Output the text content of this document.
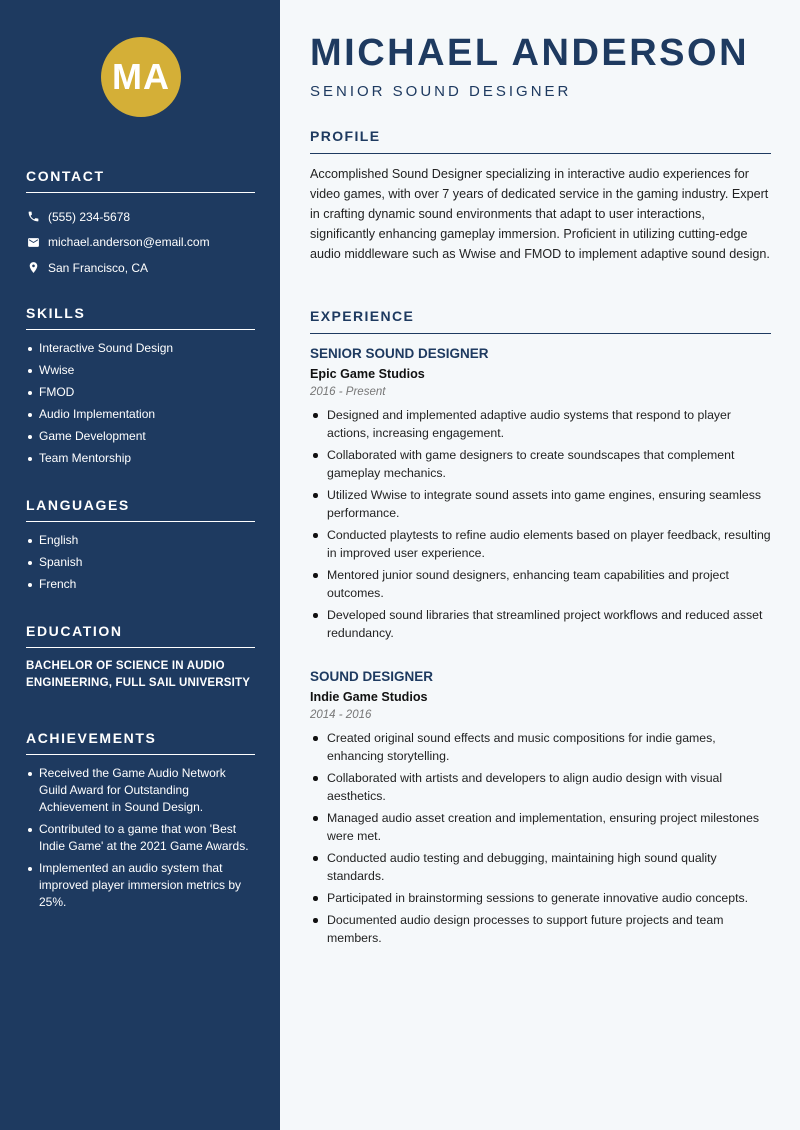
MA
CONTACT
(555) 234-5678
michael.anderson@email.com
San Francisco, CA
SKILLS
Interactive Sound Design
Wwise
FMOD
Audio Implementation
Game Development
Team Mentorship
LANGUAGES
English
Spanish
French
EDUCATION
BACHELOR OF SCIENCE IN AUDIO ENGINEERING, FULL SAIL UNIVERSITY
ACHIEVEMENTS
Received the Game Audio Network Guild Award for Outstanding Achievement in Sound Design.
Contributed to a game that won 'Best Indie Game' at the 2021 Game Awards.
Implemented an audio system that improved player immersion metrics by 25%.
MICHAEL ANDERSON
SENIOR SOUND DESIGNER
PROFILE
Accomplished Sound Designer specializing in interactive audio experiences for video games, with over 7 years of dedicated service in the gaming industry. Expert in crafting dynamic sound environments that adapt to user interactions, significantly enhancing gameplay immersion. Proficient in utilizing cutting-edge audio middleware such as Wwise and FMOD to implement adaptive sound design.
EXPERIENCE
SENIOR SOUND DESIGNER
Epic Game Studios
2016 - Present
Designed and implemented adaptive audio systems that respond to player actions, increasing engagement.
Collaborated with game designers to create soundscapes that complement gameplay mechanics.
Utilized Wwise to integrate sound assets into game engines, ensuring seamless performance.
Conducted playtests to refine audio elements based on player feedback, resulting in improved user experience.
Mentored junior sound designers, enhancing team capabilities and project outcomes.
Developed sound libraries that streamlined project workflows and reduced asset redundancy.
SOUND DESIGNER
Indie Game Studios
2014 - 2016
Created original sound effects and music compositions for indie games, enhancing storytelling.
Collaborated with artists and developers to align audio design with visual aesthetics.
Managed audio asset creation and implementation, ensuring project milestones were met.
Conducted audio testing and debugging, maintaining high sound quality standards.
Participated in brainstorming sessions to generate innovative audio concepts.
Documented audio design processes to support future projects and team members.
